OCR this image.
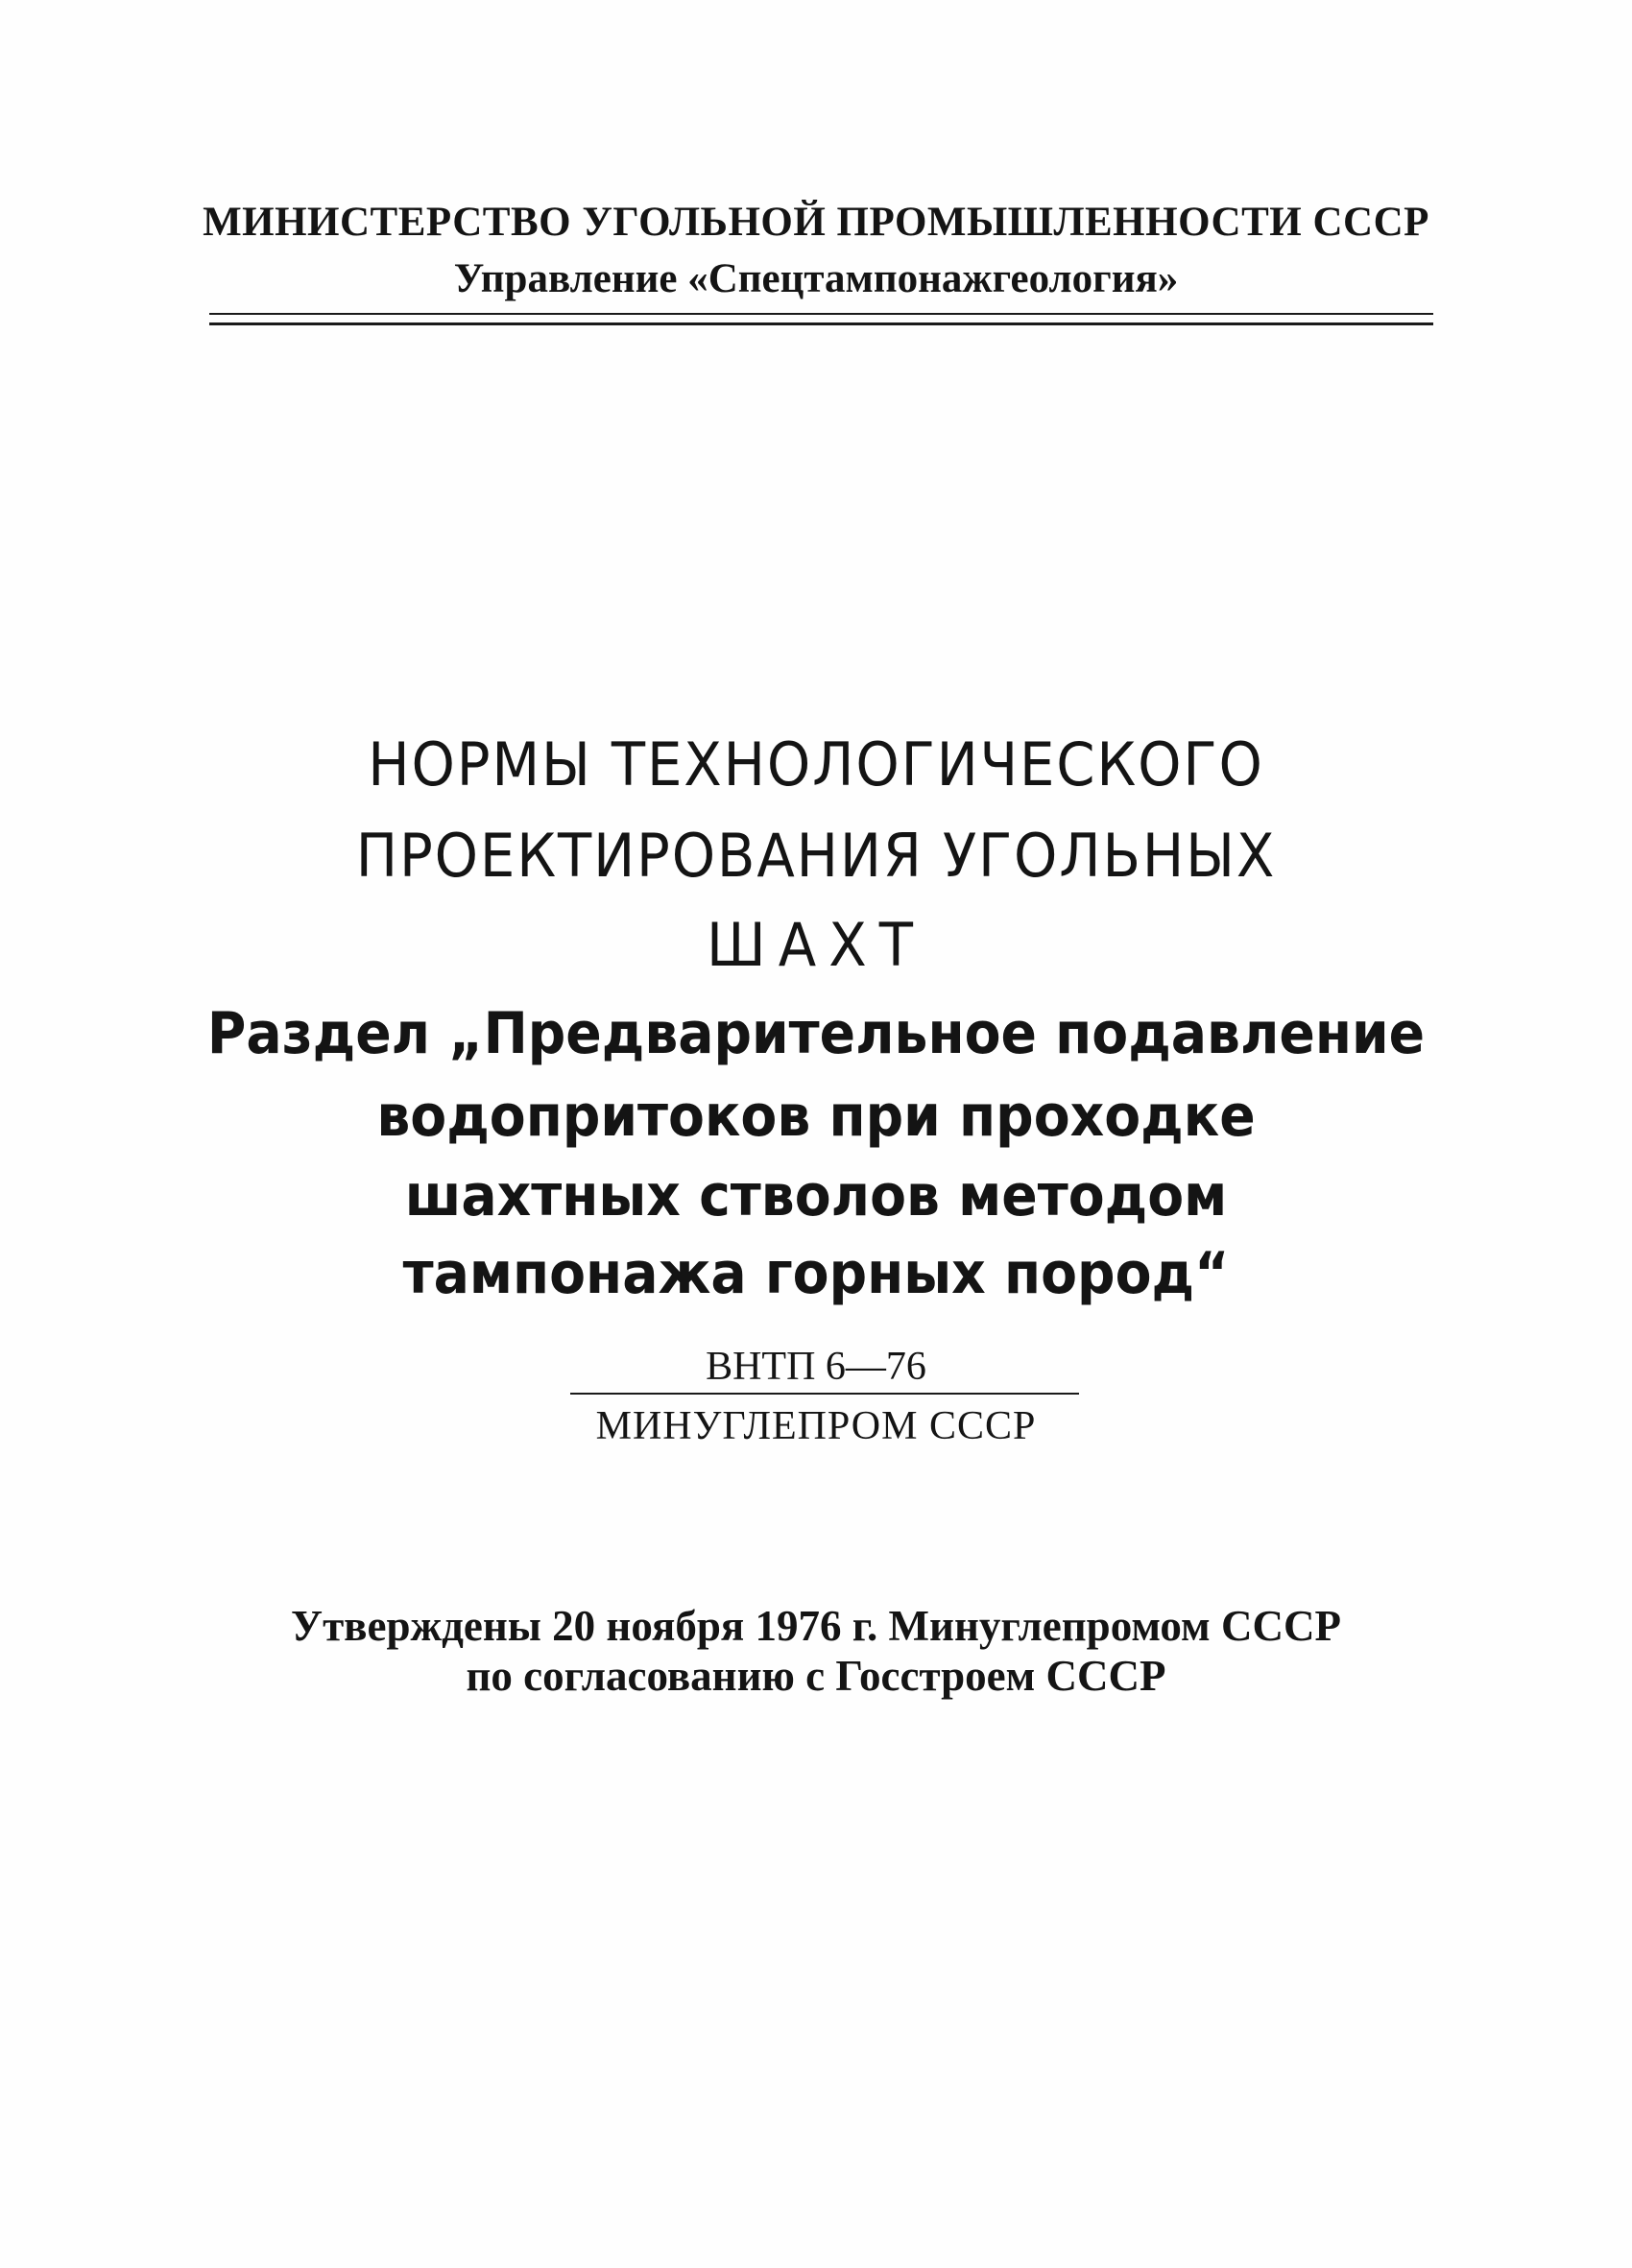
МИНИСТЕРСТВО УГОЛЬНОЙ ПРОМЫШЛЕННОСТИ СССР

Управление «Спецтампонажгеология»

НОРМЫ ТЕХНОЛОГИЧЕСКОГО
ПРОЕКТИРОВАНИЯ УГОЛЬНЫХ
ШАХТ
Раздел „Предварительное подавление
водопритоков при проходке
шахтных стволов методом
тампонажа горных пород“

ВНТП 6—76

МИНУГЛЕПРОМ СССР

Утверждены 20 ноября 1976 г. Минуглепромом СССР

по согласованию с Госстроем СССР
